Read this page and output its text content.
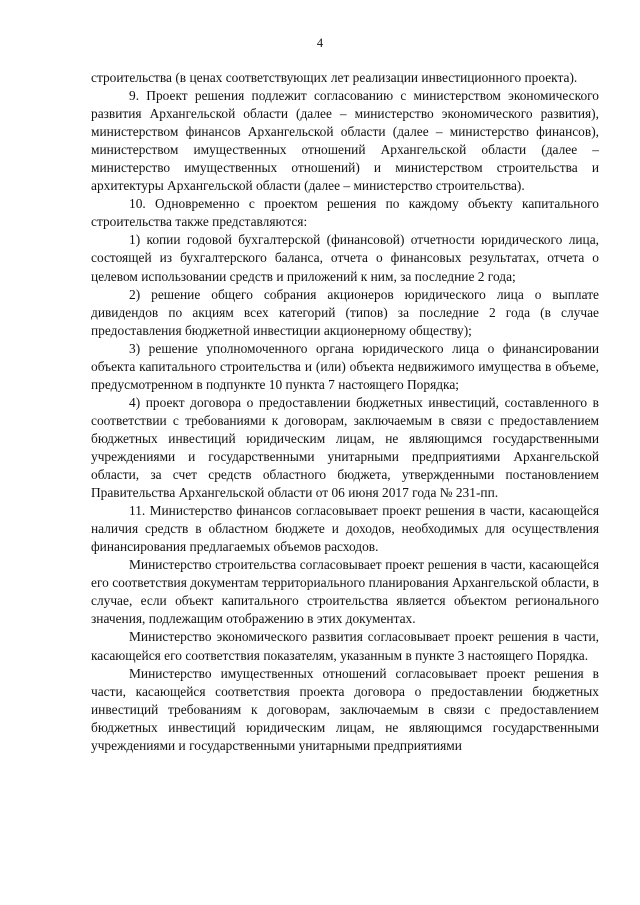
4

строительства (в ценах соответствующих лет реализации инвестиционного проекта).

9. Проект решения подлежит согласованию с министерством экономического развития Архангельской области (далее – министерство экономического развития), министерством финансов Архангельской области (далее – министерство финансов), министерством имущественных отношений Архангельской области (далее – министерство имущественных отношений) и министерством строительства и архитектуры Архангельской области (далее – министерство строительства).

10. Одновременно с проектом решения по каждому объекту капитального строительства также представляются:

1) копии годовой бухгалтерской (финансовой) отчетности юридического лица, состоящей из бухгалтерского баланса, отчета о финансовых результатах, отчета о целевом использовании средств и приложений к ним, за последние 2 года;

2) решение общего собрания акционеров юридического лица о выплате дивидендов по акциям всех категорий (типов) за последние 2 года (в случае предоставления бюджетной инвестиции акционерному обществу);

3) решение уполномоченного органа юридического лица о финансировании объекта капитального строительства и (или) объекта недвижимого имущества в объеме, предусмотренном в подпункте 10 пункта 7 настоящего Порядка;

4) проект договора о предоставлении бюджетных инвестиций, составленного в соответствии с требованиями к договорам, заключаемым в связи с предоставлением бюджетных инвестиций юридическим лицам, не являющимся государственными учреждениями и государственными унитарными предприятиями Архангельской области, за счет средств областного бюджета, утвержденными постановлением Правительства Архангельской области от 06 июня 2017 года № 231-пп.

11. Министерство финансов согласовывает проект решения в части, касающейся наличия средств в областном бюджете и доходов, необходимых для осуществления финансирования предлагаемых объемов расходов.

Министерство строительства согласовывает проект решения в части, касающейся его соответствия документам территориального планирования Архангельской области, в случае, если объект капитального строительства является объектом регионального значения, подлежащим отображению в этих документах.

Министерство экономического развития согласовывает проект решения в части, касающейся его соответствия показателям, указанным в пункте 3 настоящего Порядка.

Министерство имущественных отношений согласовывает проект решения в части, касающейся соответствия проекта договора о предоставлении бюджетных инвестиций требованиям к договорам, заключаемым в связи с предоставлением бюджетных инвестиций юридическим лицам, не являющимся государственными учреждениями и государственными унитарными предприятиями
